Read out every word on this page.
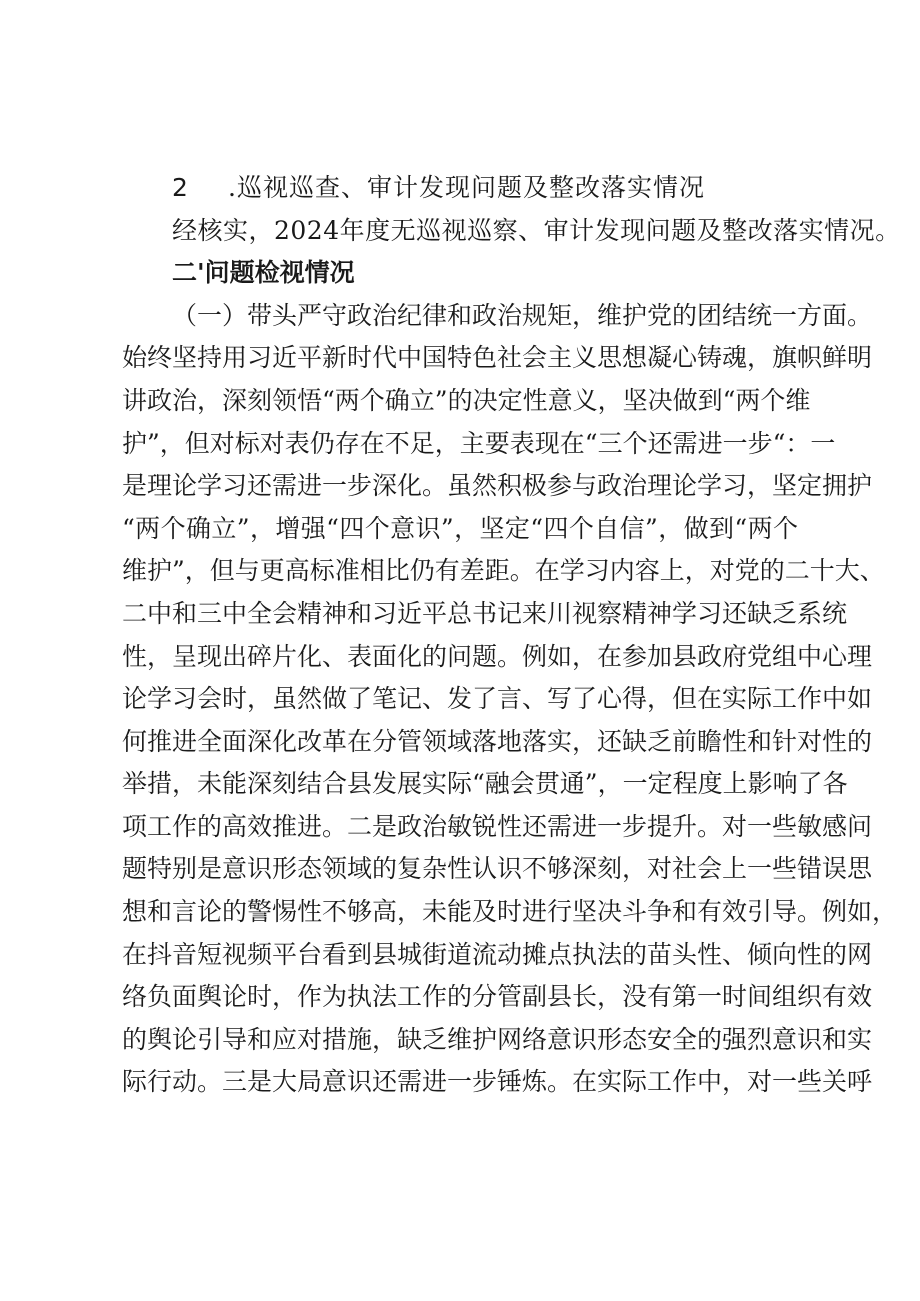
2 .巡视巡查、审计发现问题及整改落实情况
经核实，2024年度无巡视巡察、审计发现问题及整改落实情况。
二'问题检视情况
（一）带头严守政治纪律和政治规矩，维护党的团结统一方面。
始终坚持用习近平新时代中国特色社会主义思想凝心铸魂，旗帜鲜明
讲政治，深刻领悟“两个确立”的决定性意义，坚决做到“两个维
护”，但对标对表仍存在不足，主要表现在“三个还需进一步“：一
是理论学习还需进一步深化。虽然积极参与政治理论学习，坚定拥护
“两个确立”，增强“四个意识”，坚定“四个自信”，做到“两个
维护”，但与更高标准相比仍有差距。在学习内容上，对党的二十大、
二中和三中全会精神和习近平总书记来川视察精神学习还缺乏系统
性，呈现出碎片化、表面化的问题。例如，在参加县政府党组中心理
论学习会时，虽然做了笔记、发了言、写了心得，但在实际工作中如
何推进全面深化改革在分管领域落地落实，还缺乏前瞻性和针对性的
举措，未能深刻结合县发展实际“融会贯通”，一定程度上影响了各
项工作的高效推进。二是政治敏锐性还需进一步提升。对一些敏感问
题特别是意识形态领域的复杂性认识不够深刻，对社会上一些错误思
想和言论的警惕性不够高，未能及时进行坚决斗争和有效引导。例如，
在抖音短视频平台看到县城街道流动摊点执法的苗头性、倾向性的网
络负面舆论时，作为执法工作的分管副县长，没有第一时间组织有效
的舆论引导和应对措施，缺乏维护网络意识形态安全的强烈意识和实
际行动。三是大局意识还需进一步锤炼。在实际工作中，对一些关呼
